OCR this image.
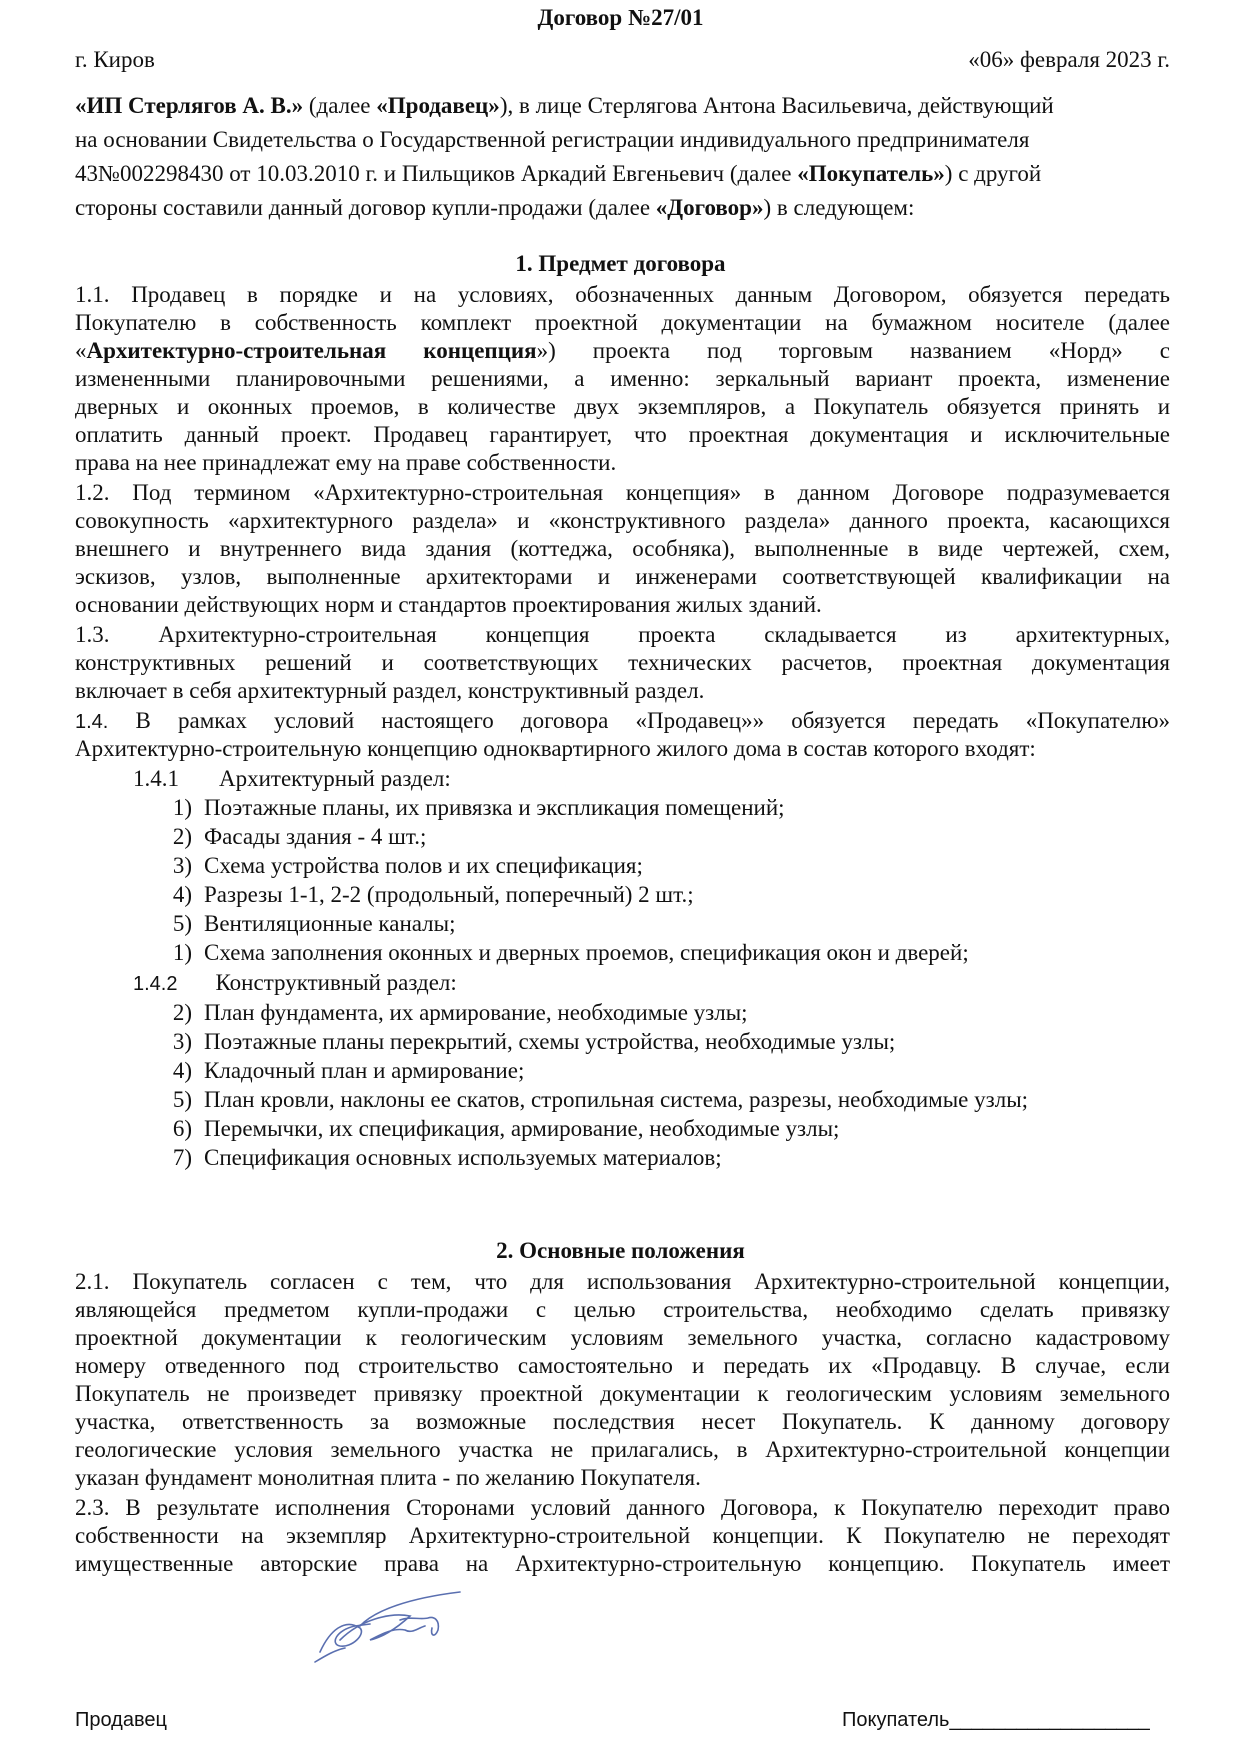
Договор №27/01
г. Киров	«06» февраля 2023 г.
«ИП Стерлягов А. В.» (далее «Продавец»), в лице Стерлягова Антона Васильевича, действующий
на основании Свидетельства о Государственной регистрации индивидуального предпринимателя
43№002298430 от 10.03.2010 г. и Пильщиков Аркадий Евгеньевич (далее «Покупатель») с другой
стороны составили данный договор купли-продажи (далее «Договор») в следующем:
1. Предмет договора
1.1. Продавец в порядке и на условиях, обозначенных данным Договором, обязуется передать
Покупателю в собственность комплект проектной документации на бумажном носителе (далее
«Архитектурно-строительная концепция») проекта под торговым названием «Норд» с
измененными планировочными решениями, а именно: зеркальный вариант проекта, изменение
дверных и оконных проемов, в количестве двух экземпляров, а Покупатель обязуется принять и
оплатить данный проект. Продавец гарантирует, что проектная документация и исключительные
права на нее принадлежат ему на праве собственности.
1.2. Под термином «Архитектурно-строительная концепция» в данном Договоре подразумевается
совокупность «архитектурного раздела» и «конструктивного раздела» данного проекта, касающихся
внешнего и внутреннего вида здания (коттеджа, особняка), выполненные в виде чертежей, схем,
эскизов, узлов, выполненные архитекторами и инженерами соответствующей квалификации на
основании действующих норм и стандартов проектирования жилых зданий.
1.3. Архитектурно-строительная концепция проекта складывается из архитектурных,
конструктивных решений и соответствующих технических расчетов, проектная документация
включает в себя архитектурный раздел, конструктивный раздел.
1.4. В рамках условий настоящего договора «Продавец»» обязуется передать «Покупателю»
Архитектурно-строительную концепцию одноквартирного жилого дома в состав которого входят:
1.4.1 Архитектурный раздел:
1) Поэтажные планы, их привязка и экспликация помещений;
2) Фасады здания - 4 шт.;
3) Схема устройства полов и их спецификация;
4) Разрезы 1-1, 2-2 (продольный, поперечный) 2 шт.;
5) Вентиляционные каналы;
1) Схема заполнения оконных и дверных проемов, спецификация окон и дверей;
1.4.2 Конструктивный раздел:
2) План фундамента, их армирование, необходимые узлы;
3) Поэтажные планы перекрытий, схемы устройства, необходимые узлы;
4) Кладочный план и армирование;
5) План кровли, наклоны ее скатов, стропильная система, разрезы, необходимые узлы;
6) Перемычки, их спецификация, армирование, необходимые узлы;
7) Спецификация основных используемых материалов;
2. Основные положения
2.1. Покупатель согласен с тем, что для использования Архитектурно-строительной концепции,
являющейся предметом купли-продажи с целью строительства, необходимо сделать привязку
проектной документации к геологическим условиям земельного участка, согласно кадастровому
номеру отведенного под строительство самостоятельно и передать их «Продавцу. В случае, если
Покупатель не произведет привязку проектной документации к геологическим условиям земельного
участка, ответственность за возможные последствия несет Покупатель. К данному договору
геологические условия земельного участка не прилагались, в Архитектурно-строительной концепции
указан фундамент монолитная плита - по желанию Покупателя.
2.3. В результате исполнения Сторонами условий данного Договора, к Покупателю переходит право
собственности на экземпляр Архитектурно-строительной концепции. К Покупателю не переходят
имущественные авторские права на Архитектурно-строительную концепцию. Покупатель имеет
Продавец	Покупатель__________________
